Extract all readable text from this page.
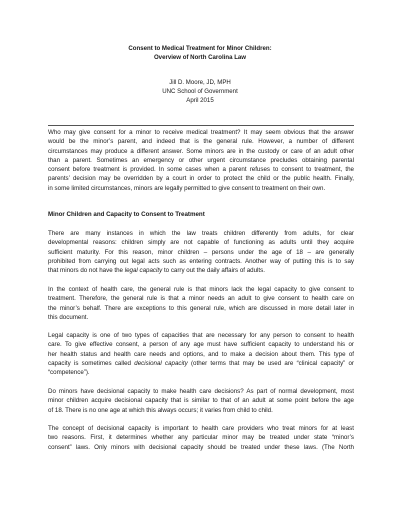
Consent to Medical Treatment for Minor Children:
Overview of North Carolina Law
Jill D. Moore, JD, MPH
UNC School of Government
April 2015
Who may give consent for a minor to receive medical treatment? It may seem obvious that the answer
would be the minor’s parent, and indeed that is the general rule. However, a number of different
circumstances may produce a different answer. Some minors are in the custody or care of an adult other
than a parent. Sometimes an emergency or other urgent circumstance precludes obtaining parental
consent before treatment is provided. In some cases when a parent refuses to consent to treatment, the
parents’ decision may be overridden by a court in order to protect the child or the public health. Finally,
in some limited circumstances, minors are legally permitted to give consent to treatment on their own.
Minor Children and Capacity to Consent to Treatment
There are many instances in which the law treats children differently from adults, for clear
developmental reasons: children simply are not capable of functioning as adults until they acquire
sufficient maturity. For this reason, minor children – persons under the age of 18 – are generally
prohibited from carrying out legal acts such as entering contracts. Another way of putting this is to say
that minors do not have the legal capacity to carry out the daily affairs of adults.
In the context of health care, the general rule is that minors lack the legal capacity to give consent to
treatment. Therefore, the general rule is that a minor needs an adult to give consent to health care on
the minor’s behalf. There are exceptions to this general rule, which are discussed in more detail later in
this document.
Legal capacity is one of two types of capacities that are necessary for any person to consent to health
care. To give effective consent, a person of any age must have sufficient capacity to understand his or
her health status and health care needs and options, and to make a decision about them. This type of
capacity is sometimes called decisional capacity (other terms that may be used are “clinical capacity” or
“competence”).
Do minors have decisional capacity to make health care decisions? As part of normal development, most
minor children acquire decisional capacity that is similar to that of an adult at some point before the age
of 18. There is no one age at which this always occurs; it varies from child to child.
The concept of decisional capacity is important to health care providers who treat minors for at least
two reasons. First, it determines whether any particular minor may be treated under state “minor’s
consent” laws. Only minors with decisional capacity should be treated under these laws. (The North
